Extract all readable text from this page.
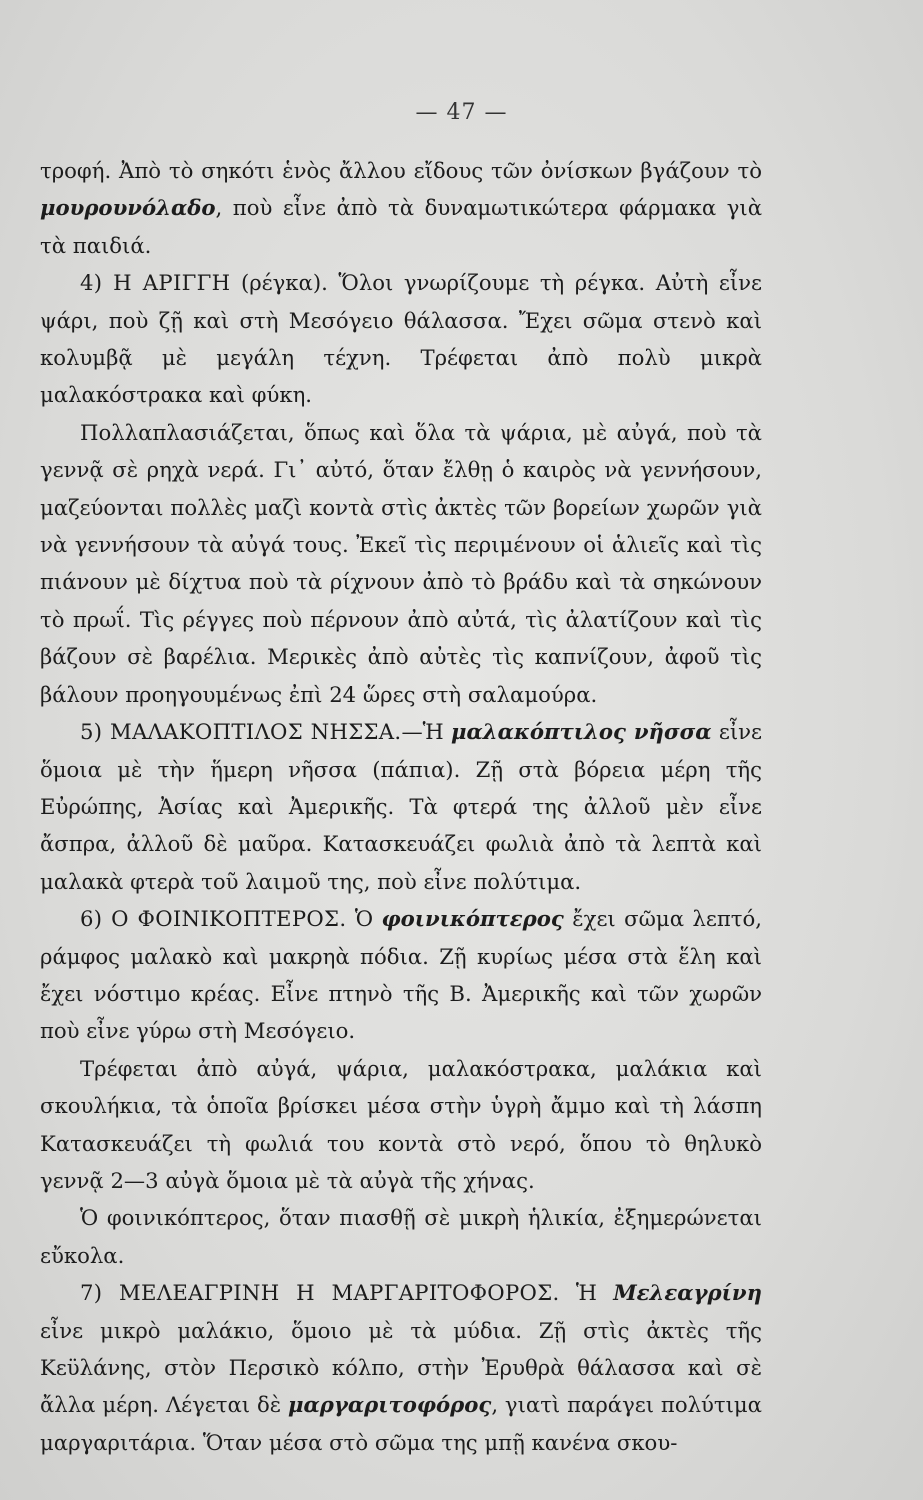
— 47 —

τροφή. Ἀπὸ τὸ σηκότι ἑνὸς ἄλλου εἴδους τῶν ὀνίσκων βγάζουν τὸ μουρουνόλαδο, ποὺ εἶνε ἀπὸ τὰ δυναμωτικώτερα φάρμακα γιὰ τὰ παιδιά.

4) Η ΑΡΙΓΓΗ (ρέγκα). Ὅλοι γνωρίζουμε τὴ ρέγκα. Αὐτὴ εἶνε ψάρι, ποὺ ζῇ καὶ στὴ Μεσόγειο θάλασσα. Ἔχει σῶμα στενὸ καὶ κολυμβᾷ μὲ μεγάλη τέχνη. Τρέφεται ἀπὸ πολὺ μικρὰ μαλακόστρακα καὶ φύκη.

Πολλαπλασιάζεται, ὅπως καὶ ὅλα τὰ ψάρια, μὲ αὐγά, ποὺ τὰ γεννᾷ σὲ ρηχὰ νερά. Γι᾿ αὐτό, ὅταν ἔλθῃ ὁ καιρὸς νὰ γεννήσουν, μαζεύονται πολλὲς μαζὶ κοντὰ στὶς ἀκτὲς τῶν βορείων χωρῶν γιὰ νὰ γεννήσουν τὰ αὐγά τους. Ἐκεῖ τὶς περιμένουν οἱ ἁλιεῖς καὶ τὶς πιάνουν μὲ δίχτυα ποὺ τὰ ρίχνουν ἀπὸ τὸ βράδυ καὶ τὰ σηκώνουν τὸ πρωΐ. Τὶς ρέγγες ποὺ πέρνουν ἀπὸ αὐτά, τὶς ἀλατίζουν καὶ τὶς βάζουν σὲ βαρέλια. Μερικὲς ἀπὸ αὐτὲς τὶς καπνίζουν, ἀφοῦ τὶς βάλουν προηγουμένως ἐπὶ 24 ὥρες στὴ σαλαμούρα.

5) ΜΑΛΑΚΟΠΤΙΛΟΣ ΝΗΣΣΑ.—Ἡ μαλακόπτιλος νῆσσα εἶνε ὅμοια μὲ τὴν ἥμερη νῆσσα (πάπια). Ζῇ στὰ βόρεια μέρη τῆς Εὐρώπης, Ἀσίας καὶ Ἀμερικῆς. Τὰ φτερά της ἀλλοῦ μὲν εἶνε ἄσπρα, ἀλλοῦ δὲ μαῦρα. Κατασκευάζει φωλιὰ ἀπὸ τὰ λεπτὰ καὶ μαλακὰ φτερὰ τοῦ λαιμοῦ της, ποὺ εἶνε πολύτιμα.

6) Ο ΦΟΙΝΙΚΟΠΤΕΡΟΣ. Ὁ φοινικόπτερος ἔχει σῶμα λεπτό, ράμφος μαλακὸ καὶ μακρηὰ πόδια. Ζῇ κυρίως μέσα στὰ ἕλη καὶ ἔχει νόστιμο κρέας. Εἶνε πτηνὸ τῆς Β. Ἀμερικῆς καὶ τῶν χωρῶν ποὺ εἶνε γύρω στὴ Μεσόγειο.

Τρέφεται ἀπὸ αὐγά, ψάρια, μαλακόστρακα, μαλάκια καὶ σκουλήκια, τὰ ὁποῖα βρίσκει μέσα στὴν ὑγρὴ ἄμμο καὶ τὴ λάσπη Κατασκευάζει τὴ φωλιά του κοντὰ στὸ νερό, ὅπου τὸ θηλυκὸ γεννᾷ 2—3 αὐγὰ ὅμοια μὲ τὰ αὐγὰ τῆς χήνας.

Ὁ φοινικόπτερος, ὅταν πιασθῇ σὲ μικρὴ ἡλικία, ἐξημερώνεται εὔκολα.

7) ΜΕΛΕΑΓΡΙΝΗ Η ΜΑΡΓΑΡΙΤΟΦΟΡΟΣ. Ἡ Μελεαγρίνη εἶνε μικρὸ μαλάκιο, ὅμοιο μὲ τὰ μύδια. Ζῇ στὶς ἀκτὲς τῆς Κεϋλάνης, στὸν Περσικὸ κόλπο, στὴν Ἐρυθρὰ θάλασσα καὶ σὲ ἄλλα μέρη. Λέγεται δὲ μαργαριτοφόρος, γιατὶ παράγει πολύτιμα μαργαριτάρια. Ὅταν μέσα στὸ σῶμα της μπῇ κανένα σκου-
